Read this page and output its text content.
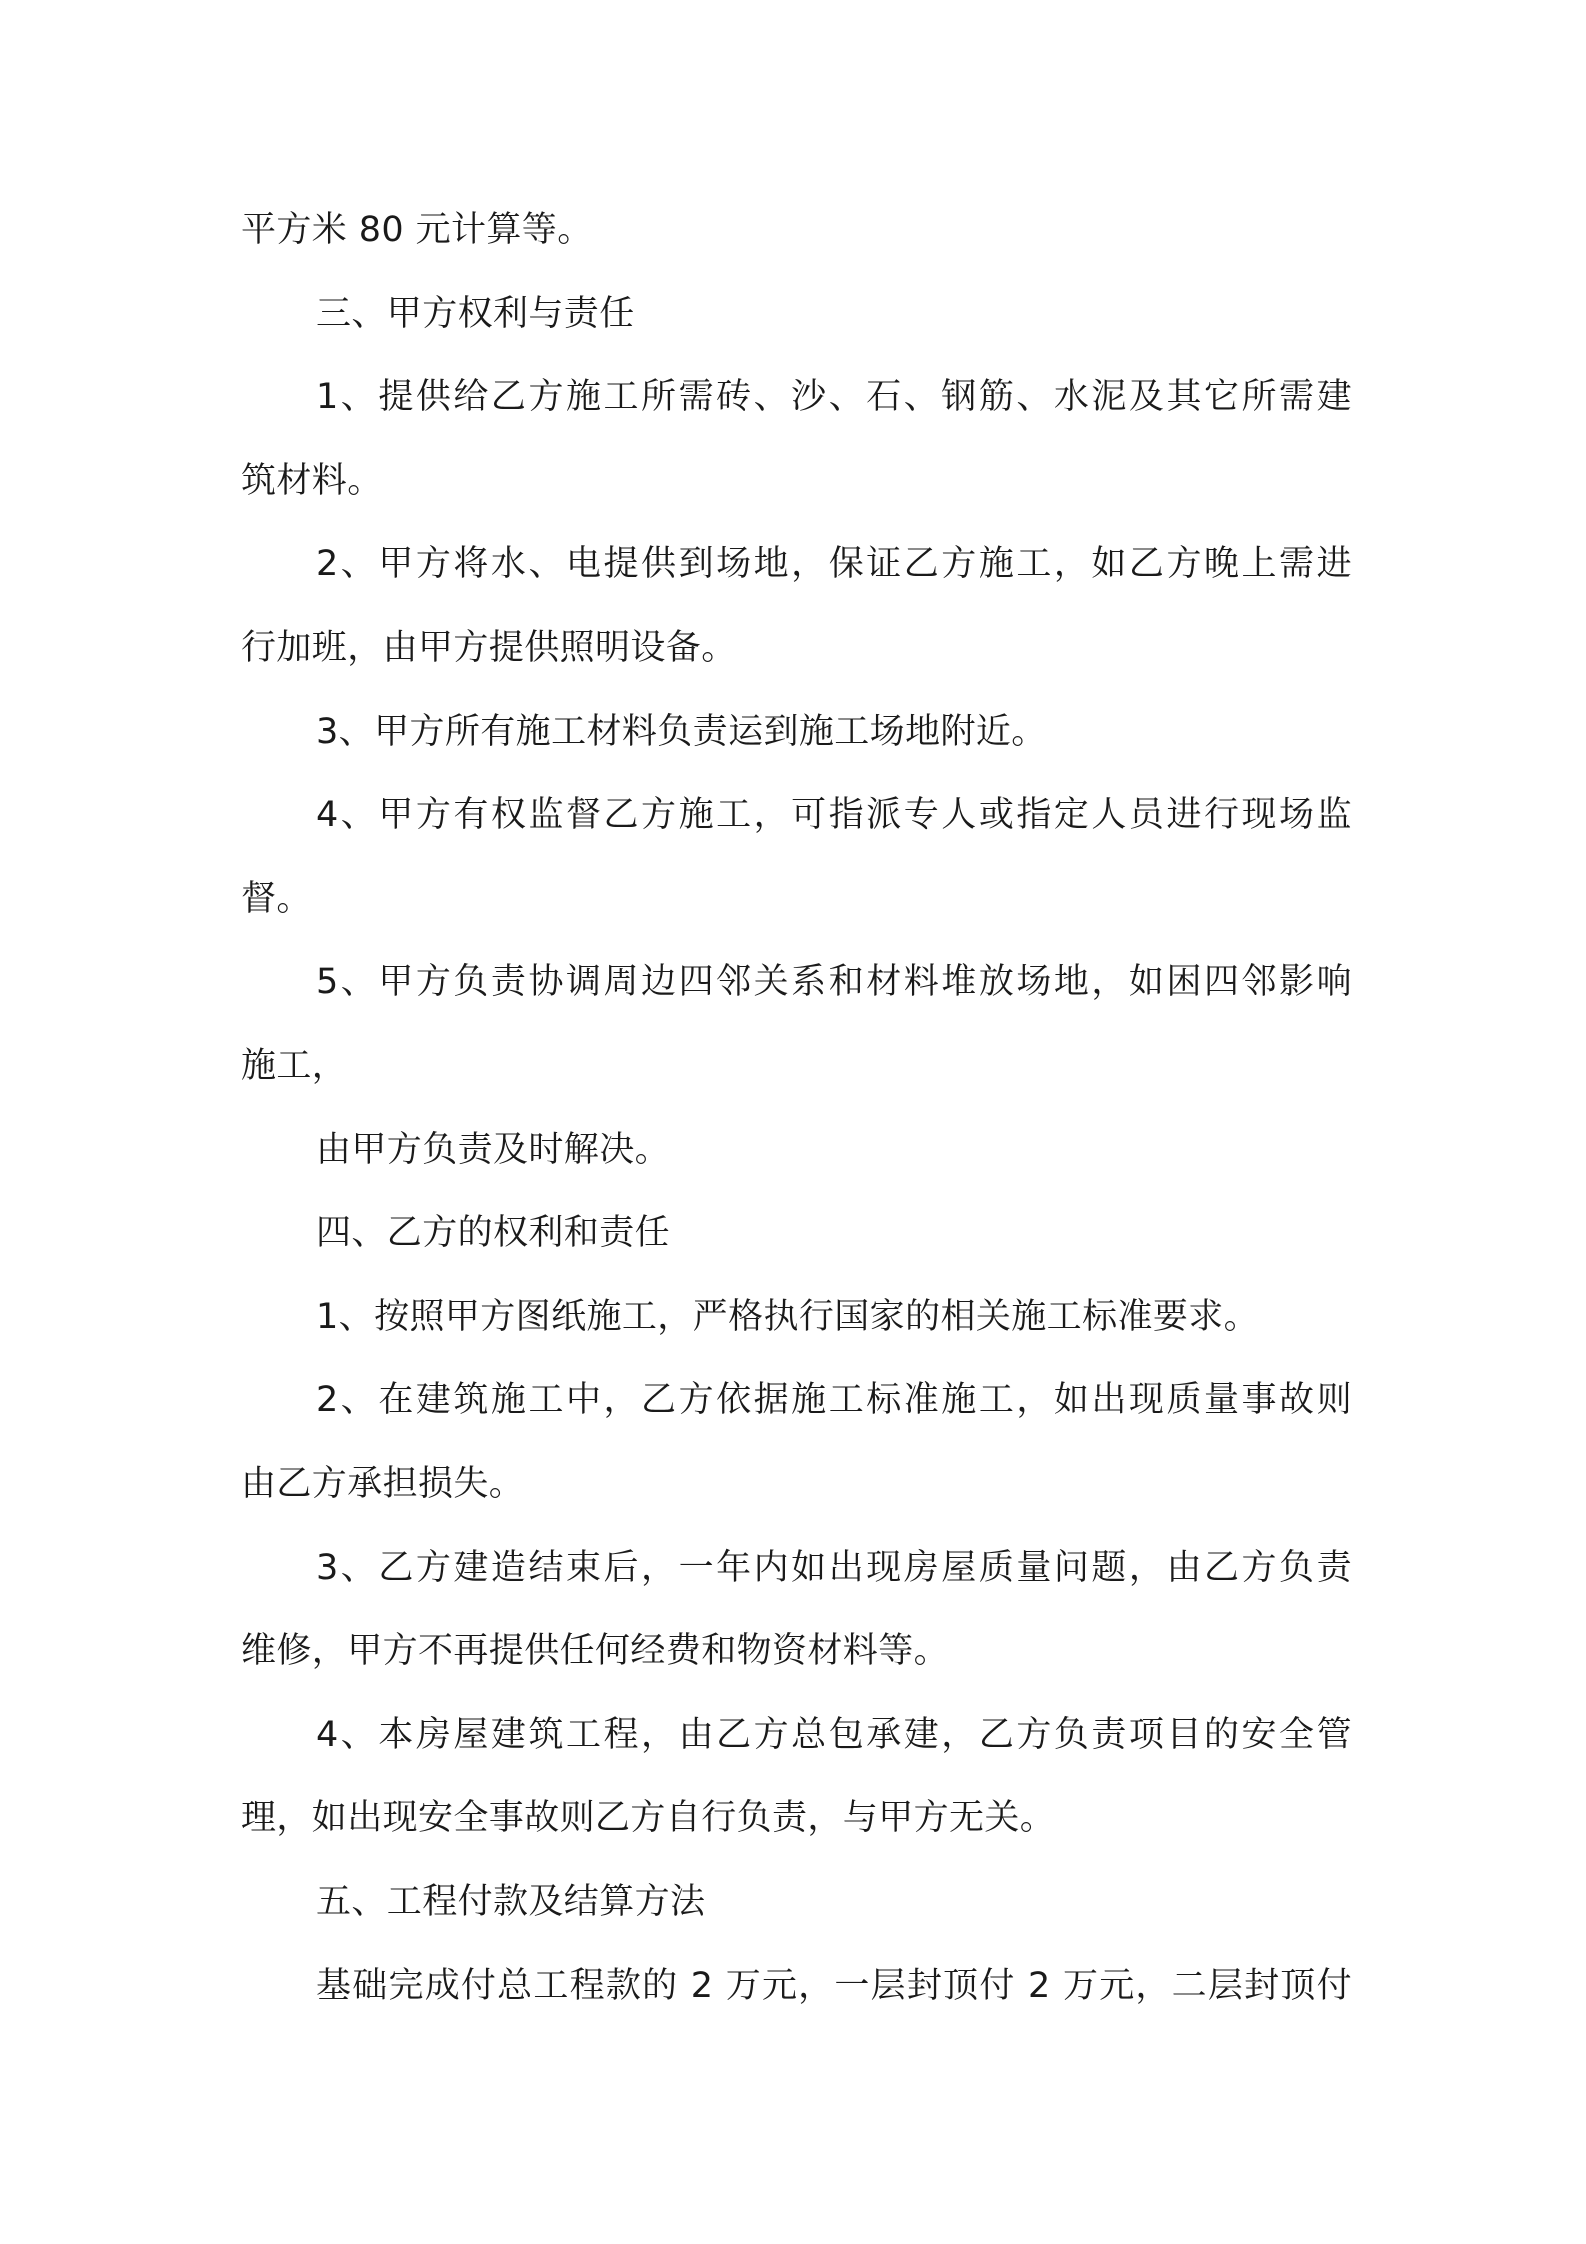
平方米 80 元计算等。
三、甲方权利与责任
1、提供给乙方施工所需砖、沙、石、钢筋、水泥及其它所需建
筑材料。
2、甲方将水、电提供到场地，保证乙方施工，如乙方晚上需进
行加班，由甲方提供照明设备。
3、甲方所有施工材料负责运到施工场地附近。
4、甲方有权监督乙方施工，可指派专人或指定人员进行现场监
督。
5、甲方负责协调周边四邻关系和材料堆放场地，如困四邻影响
施工，
由甲方负责及时解决。
四、乙方的权利和责任
1、按照甲方图纸施工，严格执行国家的相关施工标准要求。
2、在建筑施工中，乙方依据施工标准施工，如出现质量事故则
由乙方承担损失。
3、乙方建造结束后，一年内如出现房屋质量问题，由乙方负责
维修，甲方不再提供任何经费和物资材料等。
4、本房屋建筑工程，由乙方总包承建，乙方负责项目的安全管
理，如出现安全事故则乙方自行负责，与甲方无关。
五、工程付款及结算方法
基础完成付总工程款的 2 万元，一层封顶付 2 万元，二层封顶付
